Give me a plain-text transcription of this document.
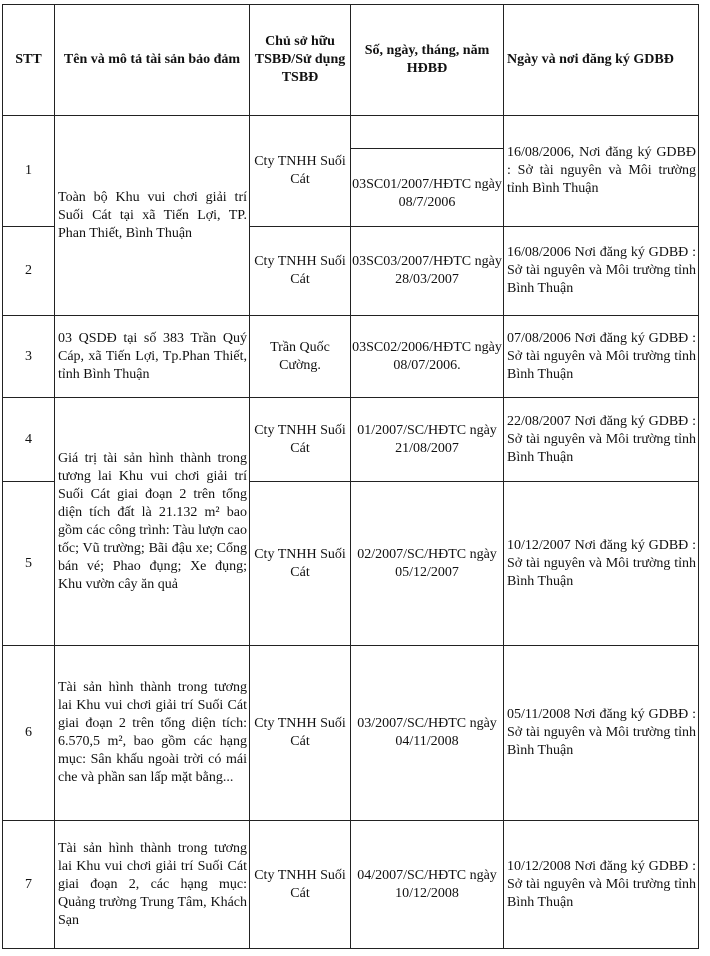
STT	Tên và mô tả tài sản bảo đảm	Chủ sở hữu TSBĐ/Sử dụng TSBĐ	Số, ngày, tháng, năm HĐBĐ	Ngày và nơi đăng ký GDBĐ
1	Toàn bộ Khu vui chơi giải trí Suối Cát tại xã Tiến Lợi, TP. Phan Thiết, Bình Thuận	Cty TNHH Suối Cát	03SC01/2007/HĐTC ngày 08/7/2006	16/08/2006, Nơi đăng ký GDBĐ : Sở tài nguyên và Môi trường tỉnh Bình Thuận
2		Cty TNHH Suối Cát	03SC03/2007/HĐTC ngày 28/03/2007	16/08/2006 Nơi đăng ký GDBĐ : Sở tài nguyên và Môi trường tỉnh Bình Thuận
3	03 QSDĐ tại số 383 Trần Quý Cáp, xã Tiến Lợi, Tp.Phan Thiết, tỉnh Bình Thuận	Trần Quốc Cường.	03SC02/2006/HĐTC ngày 08/07/2006.	07/08/2006 Nơi đăng ký GDBĐ : Sở tài nguyên và Môi trường tỉnh Bình Thuận
4	Giá trị tài sản hình thành trong tương lai Khu vui chơi giải trí Suối Cát giai đoạn 2 trên tổng diện tích đất là 21.132 m² bao gồm các công trình: Tàu lượn cao tốc; Vũ trường; Bãi đậu xe; Cổng bán vé; Phao đụng; Xe đụng; Khu vườn cây ăn quả	Cty TNHH Suối Cát	01/2007/SC/HĐTC ngày 21/08/2007	22/08/2007 Nơi đăng ký GDBĐ : Sở tài nguyên và Môi trường tỉnh Bình Thuận
5		Cty TNHH Suối Cát	02/2007/SC/HĐTC ngày 05/12/2007	10/12/2007 Nơi đăng ký GDBĐ : Sở tài nguyên và Môi trường tỉnh Bình Thuận
6	Tài sản hình thành trong tương lai Khu vui chơi giải trí Suối Cát giai đoạn 2 trên tổng diện tích: 6.570,5 m², bao gồm các hạng mục: Sân khấu ngoài trời có mái che và phần san lấp mặt bằng...	Cty TNHH Suối Cát	03/2007/SC/HĐTC ngày 04/11/2008	05/11/2008 Nơi đăng ký GDBĐ : Sở tài nguyên và Môi trường tỉnh Bình Thuận
7	Tài sản hình thành trong tương lai Khu vui chơi giải trí Suối Cát giai đoạn 2, các hạng mục: Quảng trường Trung Tâm, Khách Sạn	Cty TNHH Suối Cát	04/2007/SC/HĐTC ngày 10/12/2008	10/12/2008 Nơi đăng ký GDBĐ : Sở tài nguyên và Môi trường tỉnh Bình Thuận
